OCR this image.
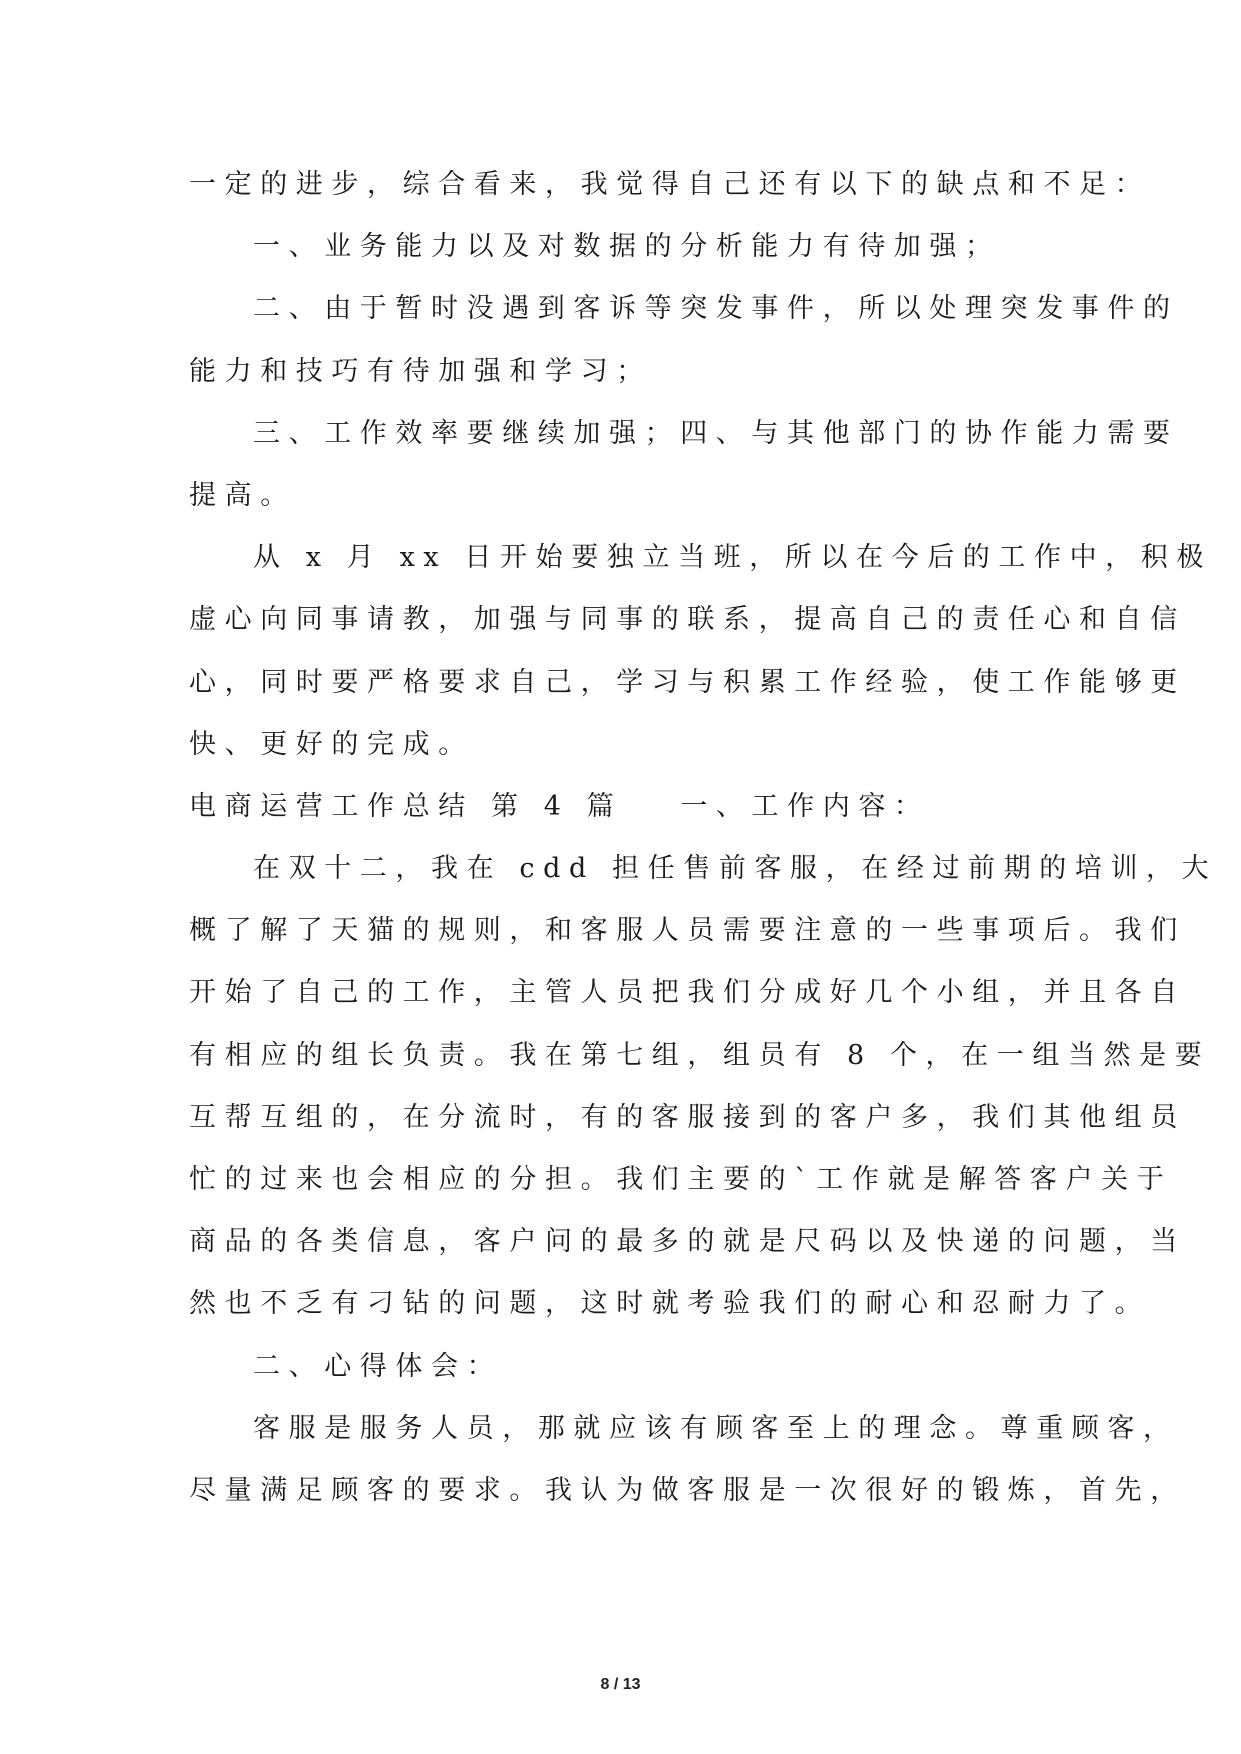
一定的进步，综合看来，我觉得自己还有以下的缺点和不足：
一、业务能力以及对数据的分析能力有待加强；
二、由于暂时没遇到客诉等突发事件，所以处理突发事件的
能力和技巧有待加强和学习；
三、工作效率要继续加强；四、与其他部门的协作能力需要
提高。
从 x 月 xx 日开始要独立当班，所以在今后的工作中，积极
虚心向同事请教，加强与同事的联系，提高自己的责任心和自信
心，同时要严格要求自己，学习与积累工作经验，使工作能够更
快、更好的完成。
电商运营工作总结 第 4 篇 一、工作内容：
在双十二，我在 cdd 担任售前客服，在经过前期的培训，大
概了解了天猫的规则，和客服人员需要注意的一些事项后。我们
开始了自己的工作，主管人员把我们分成好几个小组，并且各自
有相应的组长负责。我在第七组，组员有 8 个，在一组当然是要
互帮互组的，在分流时，有的客服接到的客户多，我们其他组员
忙的过来也会相应的分担。我们主要的`工作就是解答客户关于
商品的各类信息，客户问的最多的就是尺码以及快递的问题，当
然也不乏有刁钻的问题，这时就考验我们的耐心和忍耐力了。
二、心得体会：
客服是服务人员，那就应该有顾客至上的理念。尊重顾客，
尽量满足顾客的要求。我认为做客服是一次很好的锻炼，首先，
8 / 13
